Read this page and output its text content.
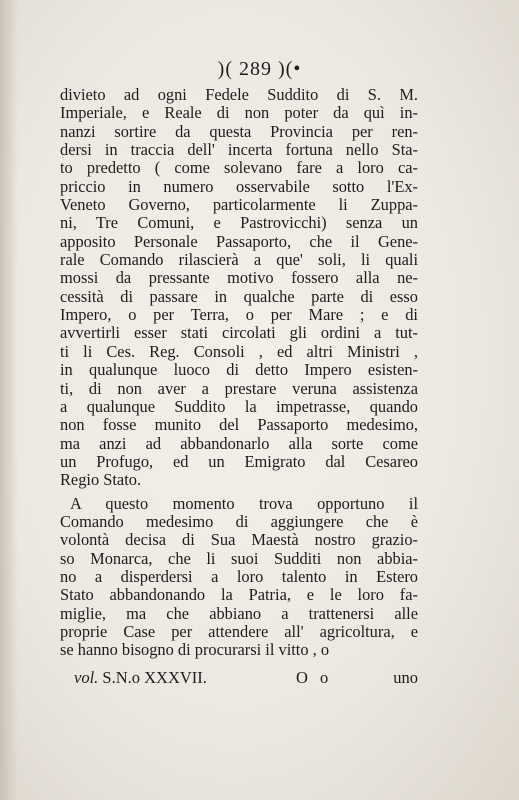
)( 289 )(•
divieto ad ogni Fedele Suddito di S. M.
Imperiale, e Reale di non poter da quì in-
nanzi sortire da questa Provincia per ren-
dersi in traccia dell' incerta fortuna nello Sta-
to predetto ( come solevano fare a loro ca-
priccio in numero osservabile sotto l'Ex-
Veneto Governo, particolarmente li Zuppa-
ni, Tre Comuni, e Pastrovicchi) senza un
apposito Personale Passaporto, che il Gene-
rale Comando rilascierà a que' soli, li quali
mossi da pressante motivo fossero alla ne-
cessità di passare in qualche parte di esso
Impero, o per Terra, o per Mare ; e di
avvertirli esser stati circolati gli ordini a tut-
ti li Ces. Reg. Consoli , ed altri Ministri ,
in qualunque luoco di detto Impero esisten-
ti, di non aver a prestare veruna assistenza
a qualunque Suddito la impetrasse, quando
non fosse munito del Passaporto medesimo,
ma anzi ad abbandonarlo alla sorte come
un Profugo, ed un Emigrato dal Cesareo
Regio Stato.
A questo momento trova opportuno il
Comando medesimo di aggiungere che è
volontà decisa di Sua Maestà nostro grazio-
so Monarca, che li suoi Sudditi non abbia-
no a disperdersi a loro talento in Estero
Stato abbandonando la Patria, e le loro fa-
miglie, ma che abbiano a trattenersi alle
proprie Case per attendere all' agricoltura, e
se hanno bisogno di procurarsi il vitto , o
vol. S.N.o XXXVII.	O o	uno
